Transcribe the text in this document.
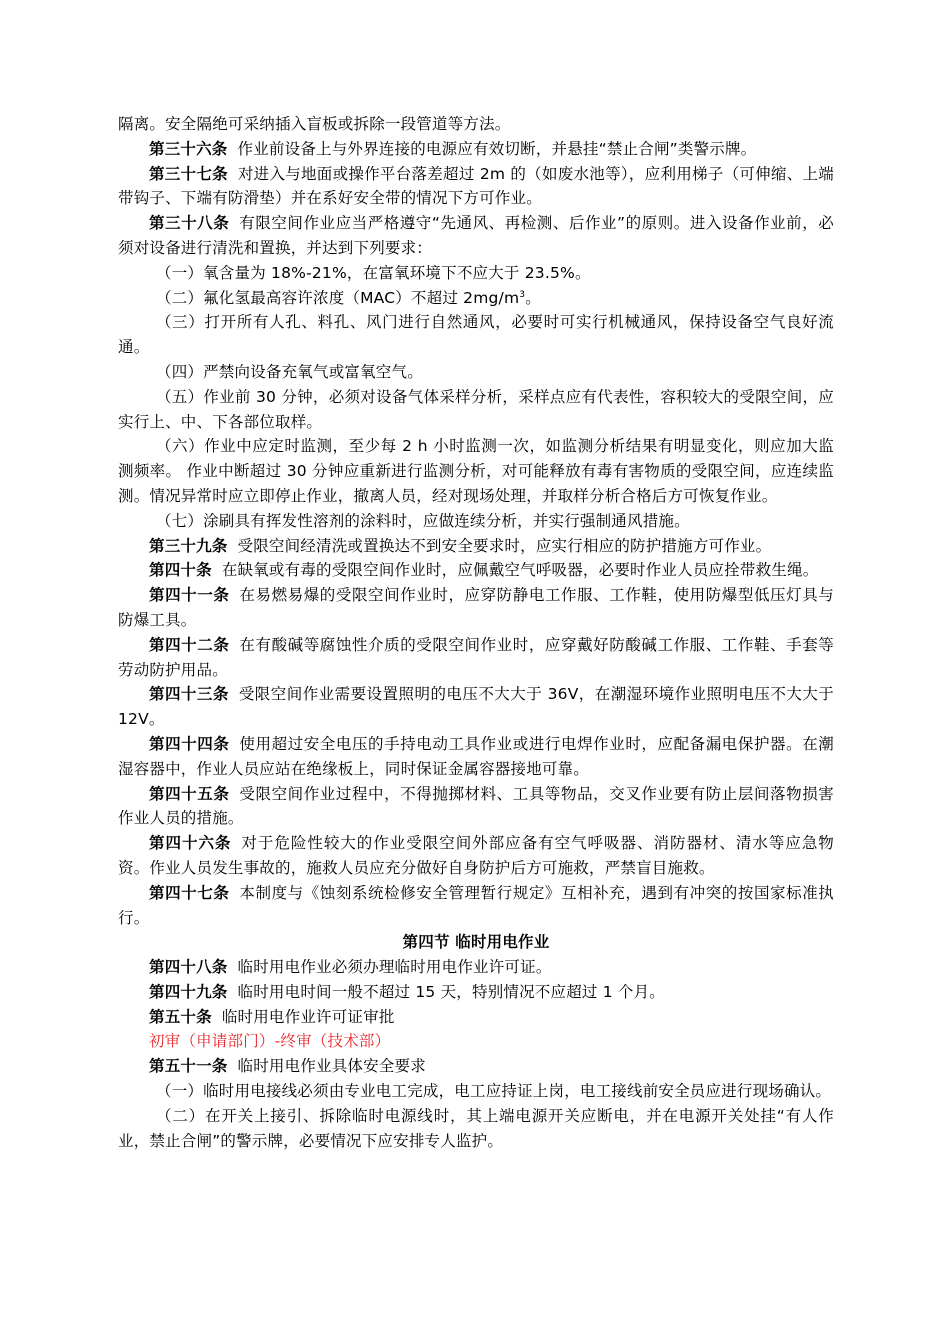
隔离。安全隔绝可采纳插入盲板或拆除一段管道等方法。

第三十六条 作业前设备上与外界连接的电源应有效切断，并悬挂“禁止合闸”类警示牌。

第三十七条 对进入与地面或操作平台落差超过 2m 的（如废水池等），应利用梯子（可伸缩、上端带钩子、下端有防滑垫）并在系好安全带的情况下方可作业。

第三十八条 有限空间作业应当严格遵守“先通风、再检测、后作业”的原则。进入设备作业前，必须对设备进行清洗和置换，并达到下列要求：

（一）氧含量为 18%-21%，在富氧环境下不应大于 23.5%。

（二）氟化氢最高容许浓度（MAC）不超过 $2mg/m^3$。

（三）打开所有人孔、料孔、风门进行自然通风，必要时可实行机械通风，保持设备空气良好流通。

（四）严禁向设备充氧气或富氧空气。

（五）作业前 30 分钟，必须对设备气体采样分析，采样点应有代表性，容积较大的受限空间，应实行上、中、下各部位取样。

（六）作业中应定时监测，至少每 2 h 小时监测一次，如监测分析结果有明显变化，则应加大监测频率。 作业中断超过 30 分钟应重新进行监测分析，对可能释放有毒有害物质的受限空间，应连续监测。情况异常时应立即停止作业，撤离人员，经对现场处理，并取样分析合格后方可恢复作业。

（七）涂刷具有挥发性溶剂的涂料时，应做连续分析，并实行强制通风措施。

第三十九条 受限空间经清洗或置换达不到安全要求时，应实行相应的防护措施方可作业。

第四十条 在缺氧或有毒的受限空间作业时，应佩戴空气呼吸器，必要时作业人员应拴带救生绳。

第四十一条 在易燃易爆的受限空间作业时，应穿防静电工作服、工作鞋，使用防爆型低压灯具与防爆工具。

第四十二条 在有酸碱等腐蚀性介质的受限空间作业时，应穿戴好防酸碱工作服、工作鞋、手套等劳动防护用品。

第四十三条 受限空间作业需要设置照明的电压不大大于 36V，在潮湿环境作业照明电压不大大于 12V。

第四十四条 使用超过安全电压的手持电动工具作业或进行电焊作业时，应配备漏电保护器。在潮湿容器中，作业人员应站在绝缘板上，同时保证金属容器接地可靠。

第四十五条 受限空间作业过程中，不得抛掷材料、工具等物品，交叉作业要有防止层间落物损害作业人员的措施。

第四十六条 对于危险性较大的作业受限空间外部应备有空气呼吸器、消防器材、清水等应急物资。作业人员发生事故的，施救人员应充分做好自身防护后方可施救，严禁盲目施救。

第四十七条 本制度与《蚀刻系统检修安全管理暂行规定》互相补充，遇到有冲突的按国家标准执行。

第四节 临时用电作业

第四十八条 临时用电作业必须办理临时用电作业许可证。

第四十九条 临时用电时间一般不超过 15 天，特别情况不应超过 1 个月。

第五十条 临时用电作业许可证审批

初审（申请部门）-终审（技术部）

第五十一条 临时用电作业具体安全要求

（一）临时用电接线必须由专业电工完成，电工应持证上岗，电工接线前安全员应进行现场确认。

（二）在开关上接引、拆除临时电源线时，其上端电源开关应断电，并在电源开关处挂“有人作业，禁止合闸”的警示牌，必要情况下应安排专人监护。
